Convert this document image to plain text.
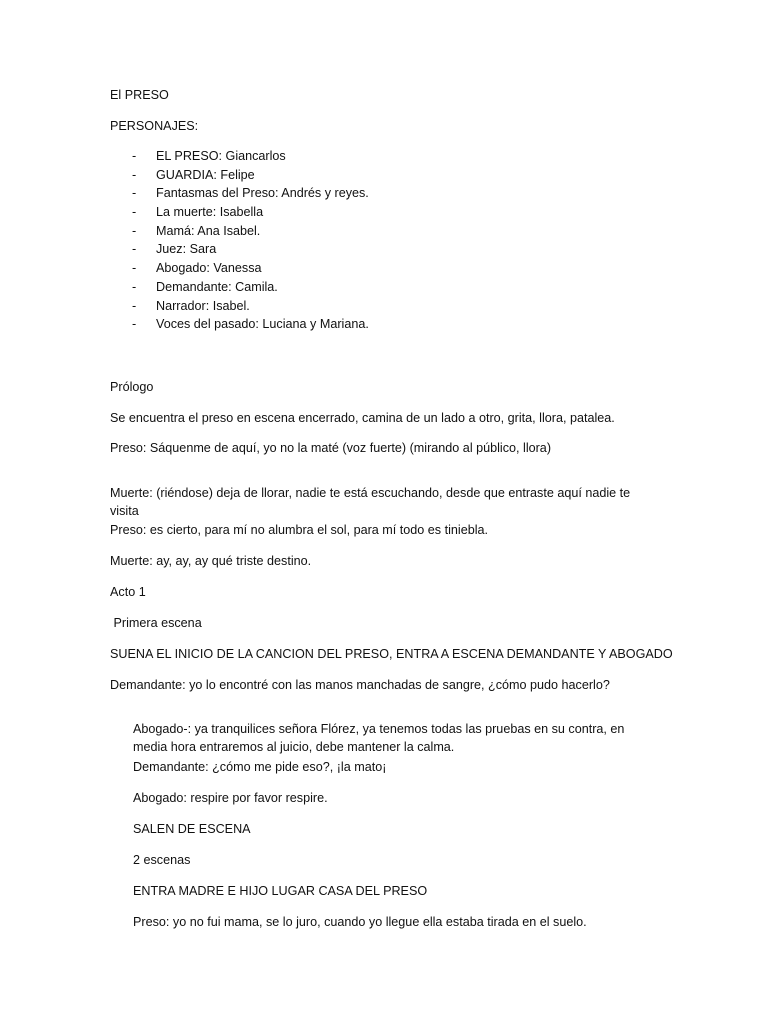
El PRESO

PERSONAJES:

- EL PRESO: Giancarlos
- GUARDIA: Felipe
- Fantasmas del Preso: Andrés y reyes.
- La muerte: Isabella
- Mamá: Ana Isabel.
- Juez: Sara
- Abogado: Vanessa
- Demandante: Camila.
- Narrador: Isabel.
- Voces del pasado: Luciana y Mariana.

Prólogo

Se encuentra el preso en escena encerrado, camina de un lado a otro, grita, llora, patalea.

Preso: Sáquenme de aquí, yo no la maté (voz fuerte) (mirando al público, llora)

Muerte: (riéndose) deja de llorar, nadie te está escuchando, desde que entraste aquí nadie te visita

Preso: es cierto, para mí no alumbra el sol, para mí todo es tiniebla.

Muerte: ay, ay, ay qué triste destino.

Acto 1

Primera escena

SUENA EL INICIO DE LA CANCION DEL PRESO, ENTRA A ESCENA DEMANDANTE Y ABOGADO

Demandante: yo lo encontré con las manos manchadas de sangre, ¿cómo pudo hacerlo?

Abogado-: ya tranquilices señora Flórez, ya tenemos todas las pruebas en su contra, en media hora entraremos al juicio, debe mantener la calma.

Demandante: ¿cómo me pide eso?, ¡la mato¡

Abogado: respire por favor respire.

SALEN DE ESCENA

2 escenas

ENTRA MADRE E HIJO LUGAR CASA DEL PRESO

Preso: yo no fui mama, se lo juro, cuando yo llegue ella estaba tirada en el suelo.
